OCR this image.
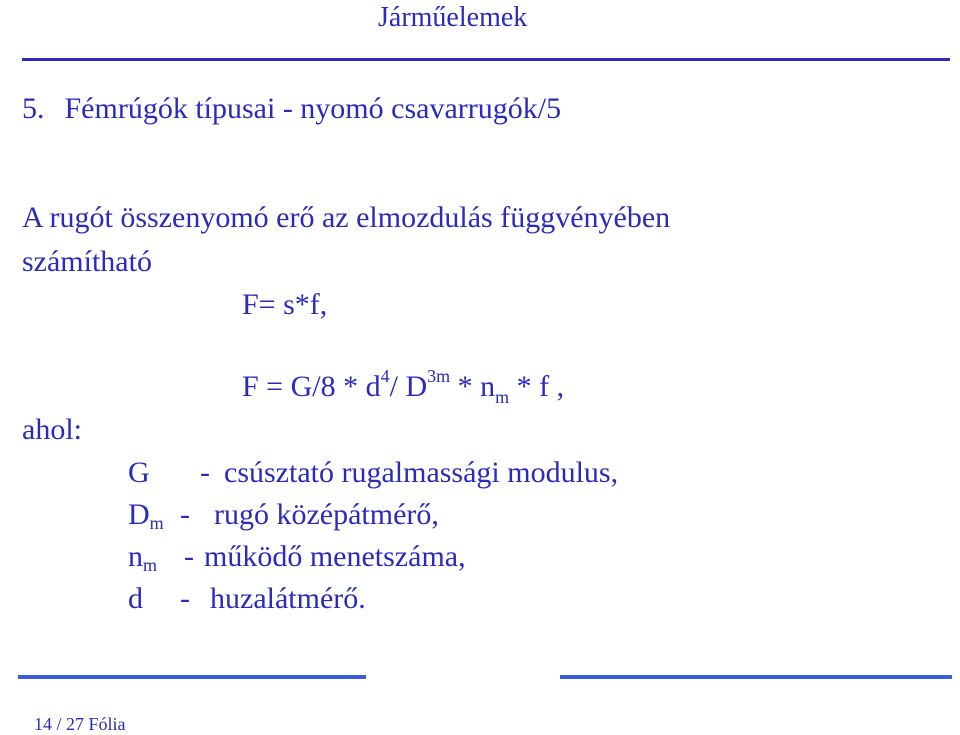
Járműelemek
5. Fémrúgók típusai - nyomó csavarrugók/5
A rugót összenyomó erő az elmozdulás függvényében
számítható
F= s*f,
$F = G/8 * d^4/$ $D^{3m} * n_m$ * f ,
ahol:
G	- csúsztató rugalmassági modulus,
$D_m$ - rugó középátmérő,
$n_m$ - működő menetszáma,
d	- huzalátmérő.
14 / 27 Fólia
